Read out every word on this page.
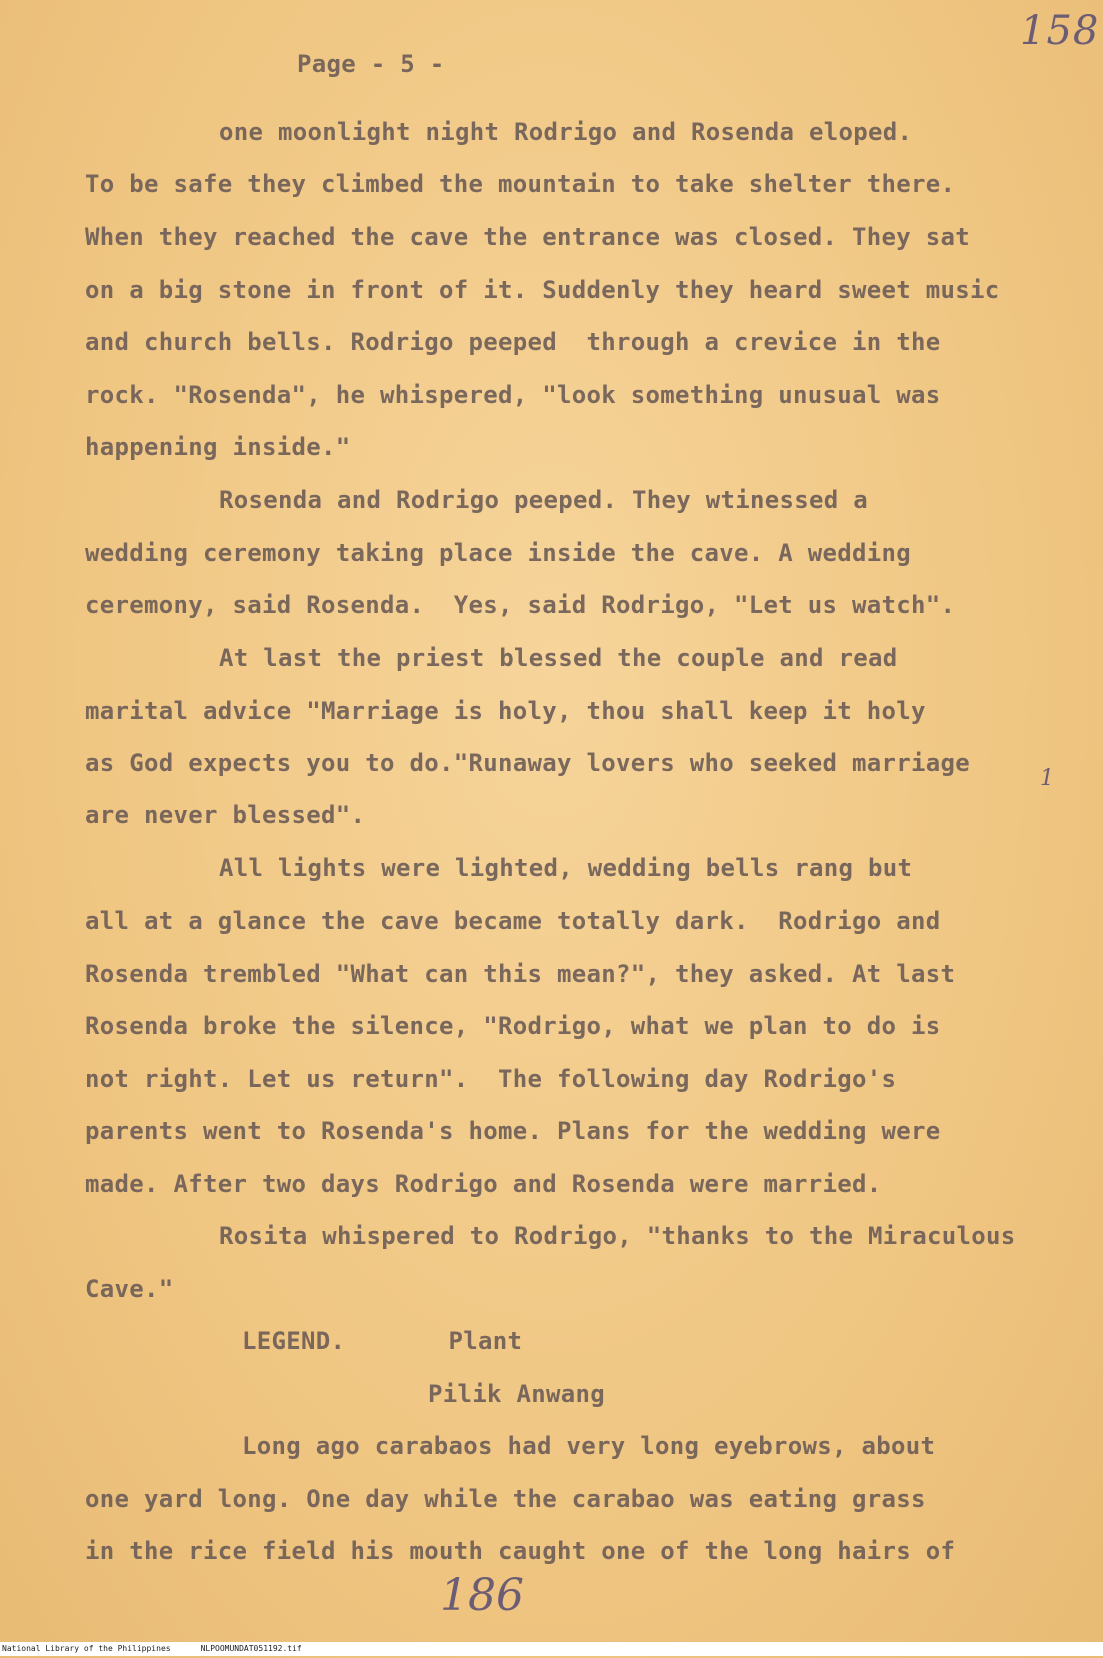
158
Page - 5 -
one moonlight night Rodrigo and Rosenda eloped.
To be safe they climbed the mountain to take shelter there.
When they reached the cave the entrance was closed. They sat
on a big stone in front of it. Suddenly they heard sweet music
and church bells. Rodrigo peeped  through a crevice in the
rock. "Rosenda", he whispered, "look something unusual was
happening inside."
Rosenda and Rodrigo peeped. They wtinessed a
wedding ceremony taking place inside the cave. A wedding
ceremony, said Rosenda.  Yes, said Rodrigo, "Let us watch".
At last the priest blessed the couple and read
marital advice "Marriage is holy, thou shall keep it holy
as God expects you to do."Runaway lovers who seeked marriage
are never blessed".
1
All lights were lighted, wedding bells rang but
all at a glance the cave became totally dark.  Rodrigo and
Rosenda trembled "What can this mean?", they asked. At last
Rosenda broke the silence, "Rodrigo, what we plan to do is
not right. Let us return".  The following day Rodrigo's
parents went to Rosenda's home. Plans for the wedding were
made. After two days Rodrigo and Rosenda were married.
Rosita whispered to Rodrigo, "thanks to the Miraculous
Cave."
LEGEND.       Plant
Pilik Anwang
Long ago carabaos had very long eyebrows, about
one yard long. One day while the carabao was eating grass
in the rice field his mouth caught one of the long hairs of
186
National Library of the Philippines	NLPOOMUNDAT051192.tif
